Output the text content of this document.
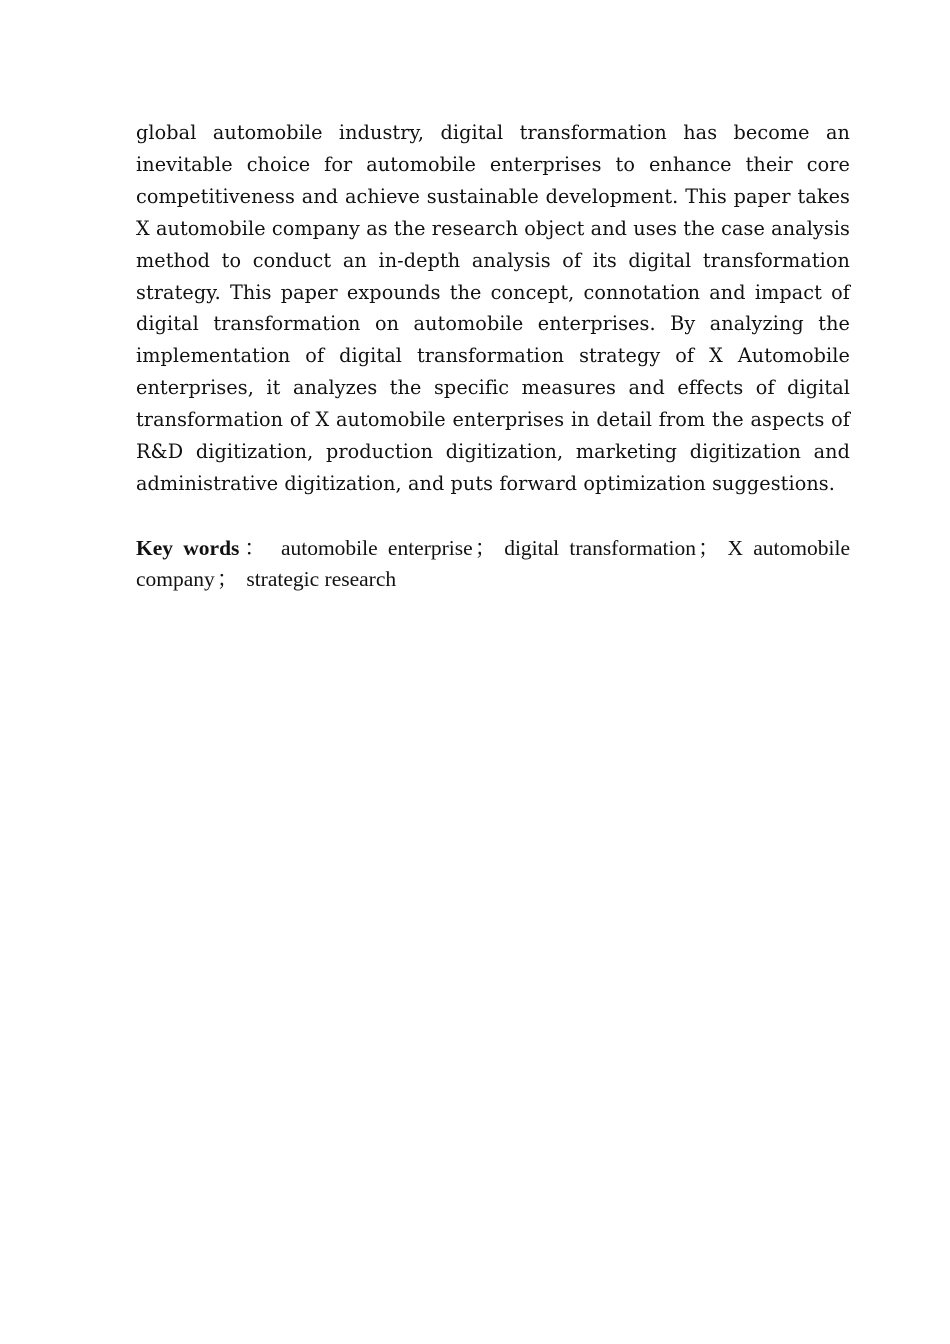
global automobile industry, digital transformation has become an inevitable choice for automobile enterprises to enhance their core competitiveness and achieve sustainable development. This paper takes X automobile company as the research object and uses the case analysis method to conduct an in-depth analysis of its digital transformation strategy. This paper expounds the concept, connotation and impact of digital transformation on automobile enterprises. By analyzing the implementation of digital transformation strategy of X Automobile enterprises, it analyzes the specific measures and effects of digital transformation of X automobile enterprises in detail from the aspects of R&D digitization, production digitization, marketing digitization and administrative digitization, and puts forward optimization suggestions.

Key words： automobile enterprise； digital transformation； X automobile company； strategic research
